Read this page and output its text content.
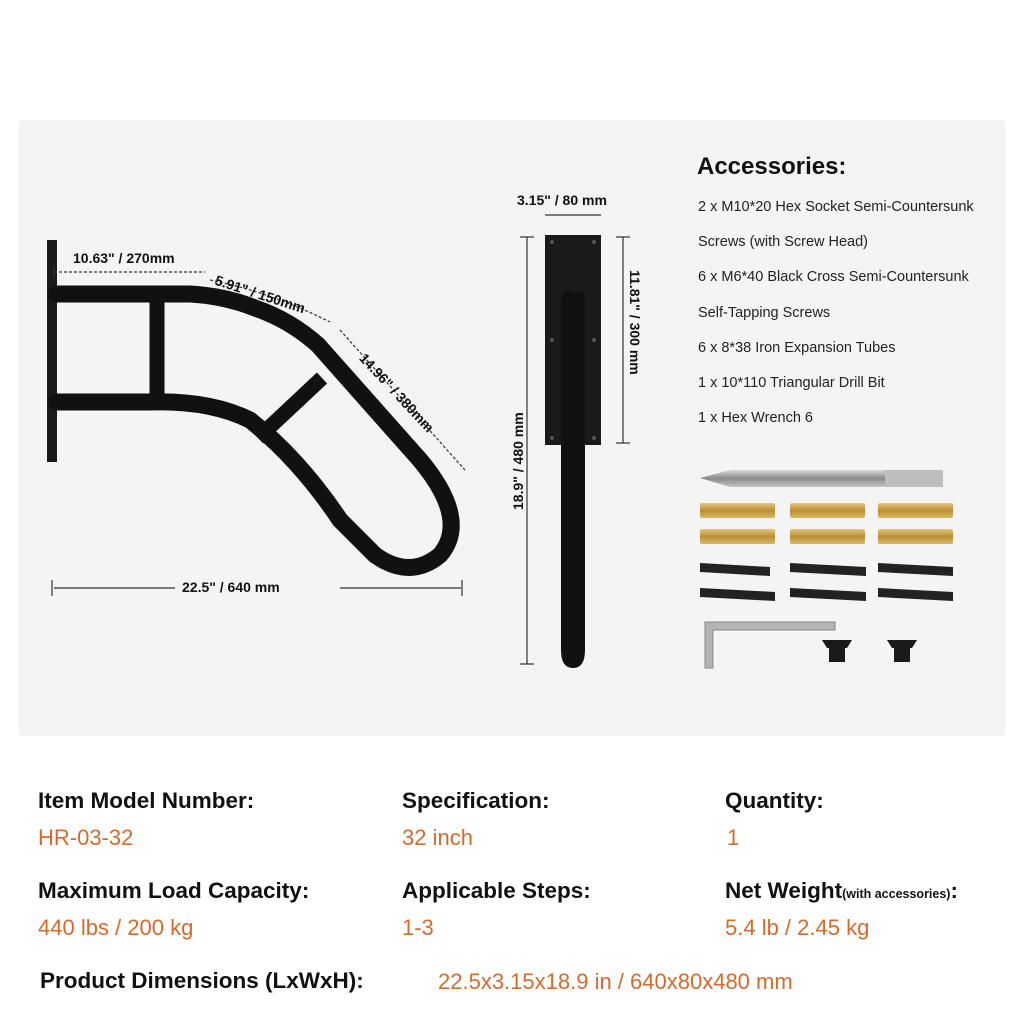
10.63" / 270mm
5.91" / 150mm
14.96" / 380mm
22.5" / 640 mm
3.15" / 80 mm
11.81" / 300 mm
18.9" / 480 mm
Accessories:
2 x M10*20 Hex Socket Semi-Countersunk
Screws (with Screw Head)
6 x M6*40 Black Cross Semi-Countersunk
Self-Tapping Screws
6 x 8*38 Iron Expansion Tubes
1 x 10*110 Triangular Drill Bit
1 x Hex Wrench 6
Item Model Number:
HR-03-32
Specification:
32 inch
Quantity:
1
Maximum Load Capacity:
440 lbs / 200 kg
Applicable Steps:
1-3
Net Weight(with accessories):
5.4 lb / 2.45 kg
Product Dimensions (LxWxH):	22.5x3.15x18.9 in / 640x80x480 mm
